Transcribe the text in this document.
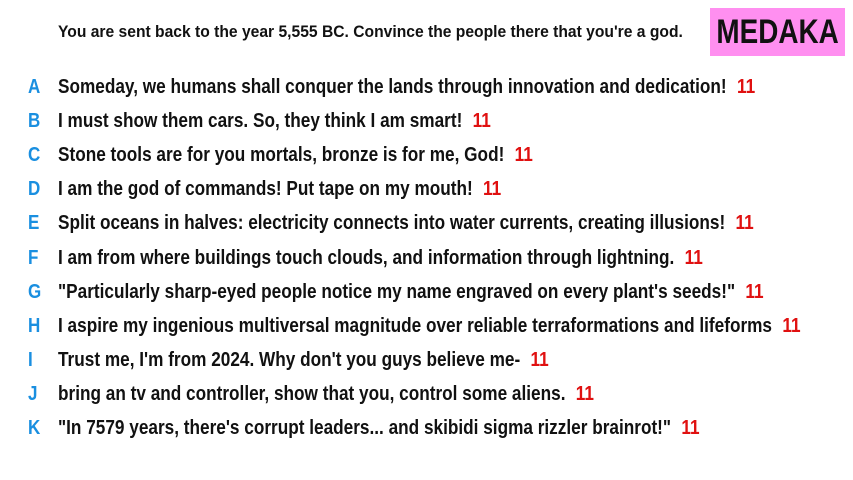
You are sent back to the year 5,555 BC. Convince the people there that you're a god. MEDAKA
A Someday, we humans shall conquer the lands through innovation and dedication! 11
B I must show them cars. So, they think I am smart! 11
C Stone tools are for you mortals, bronze is for me, God! 11
D I am the god of commands! Put tape on my mouth! 11
E Split oceans in halves: electricity connects into water currents, creating illusions! 11
F I am from where buildings touch clouds, and information through lightning. 11
G "Particularly sharp-eyed people notice my name engraved on every plant's seeds!" 11
H I aspire my ingenious multiversal magnitude over reliable terraformations and lifeforms 11
I	Trust me, I'm from 2024. Why don't you guys believe me- 11
J	bring an tv and controller, show that you, control some aliens. 11
K "In 7579 years, there's corrupt leaders... and skibidi sigma rizzler brainrot!" 11
